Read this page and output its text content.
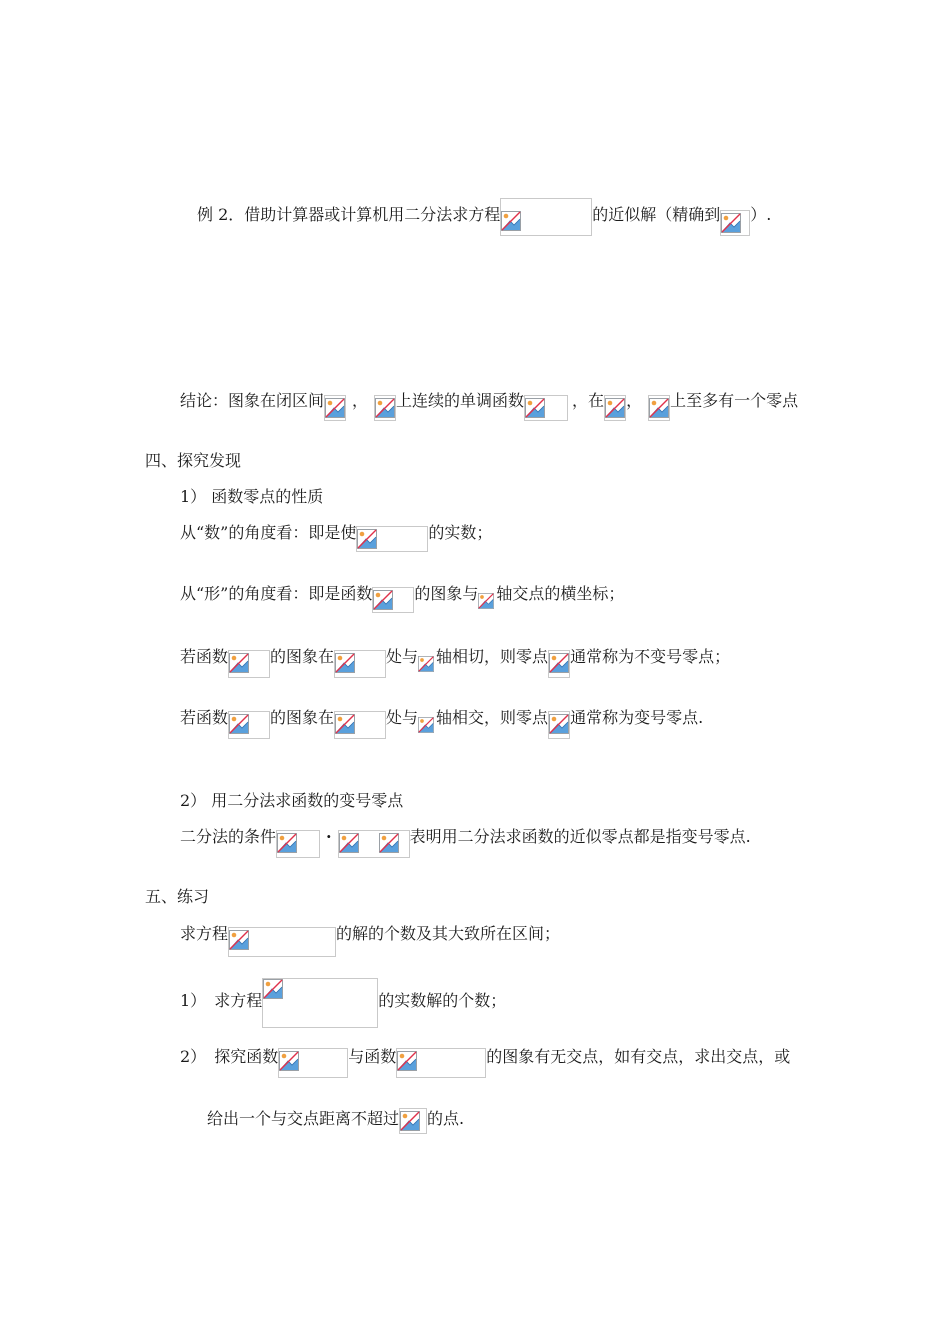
例 2．借助计算器或计算机用二分法求方程	的近似解（精确到 ）.
结论：图象在闭区间	，	上连续的单调函数	，在 ，	上至多有一个零点
四、探究发现
1） 函数零点的性质
从“数”的角度看：即是使	的实数；
从“形”的角度看：即是函数	的图象与 轴交点的横坐标；
若函数	的图象在	处与 轴相切，则零点 通常称为不变号零点；
若函数	的图象在	处与 轴相交，则零点 通常称为变号零点.
2） 用二分法求函数的变号零点
二分法的条件	·	表明用二分法求函数的近似零点都是指变号零点.
五、练习
求方程	的解的个数及其大致所在区间；
1） 求方程	的实数解的个数；
2） 探究函数	与函数	的图象有无交点，如有交点，求出交点，或
给出一个与交点距离不超过 的点.
